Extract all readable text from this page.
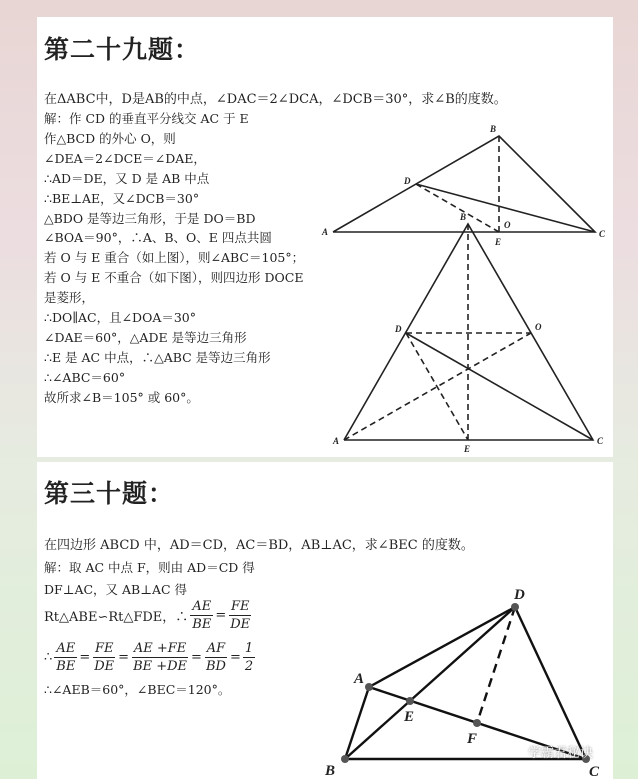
第二十九题：
在ΔABC中，D是AB的中点，∠DAC＝2∠DCA，∠DCB＝30°，求∠B的度数。
解：作 CD 的垂直平分线交 AC 于 E
作△BCD 的外心 O，则
∠DEA＝2∠DCE＝∠DAE，
∴AD＝DE，又 D 是 AB 中点
∴BE⊥AE，又∠DCB＝30°
△BDO 是等边三角形，于是 DO＝BD
∠BOA＝90°，∴A、B、O、E 四点共圆
若 O 与 E 重合（如上图），则∠ABC＝105°；
若 O 与 E 不重合（如下图），则四边形 DOCE
是菱形，
∴DO∥AC，且∠DOA＝30°
∠DAE＝60°，△ADE 是等边三角形
∴E 是 AC 中点，∴△ABC 是等边三角形
∴∠ABC＝60°
故所求∠B＝105° 或 60°。
第三十题：
在四边形 ABCD 中，AD＝CD，AC＝BD，AB⊥AC，求∠BEC 的度数。
解：取 AC 中点 F，则由 AD＝CD 得
DF⊥AC，又 AB⊥AC 得
Rt△ABE∽Rt△FDE，∴ $\frac{AE}{BE} = \frac{FE}{DE}$
∴ $\frac{AE}{BE} = \frac{FE}{DE} = \frac{AE +FE}{BE +DE} = \frac{AF}{BD} = \frac{1}{2}$
∴∠AEB＝60°，∠BEC＝120°。
A
B
C
D
E
O
A
B
C
D
E
O
A
B	C
D
E
F
学霸君秘诀
